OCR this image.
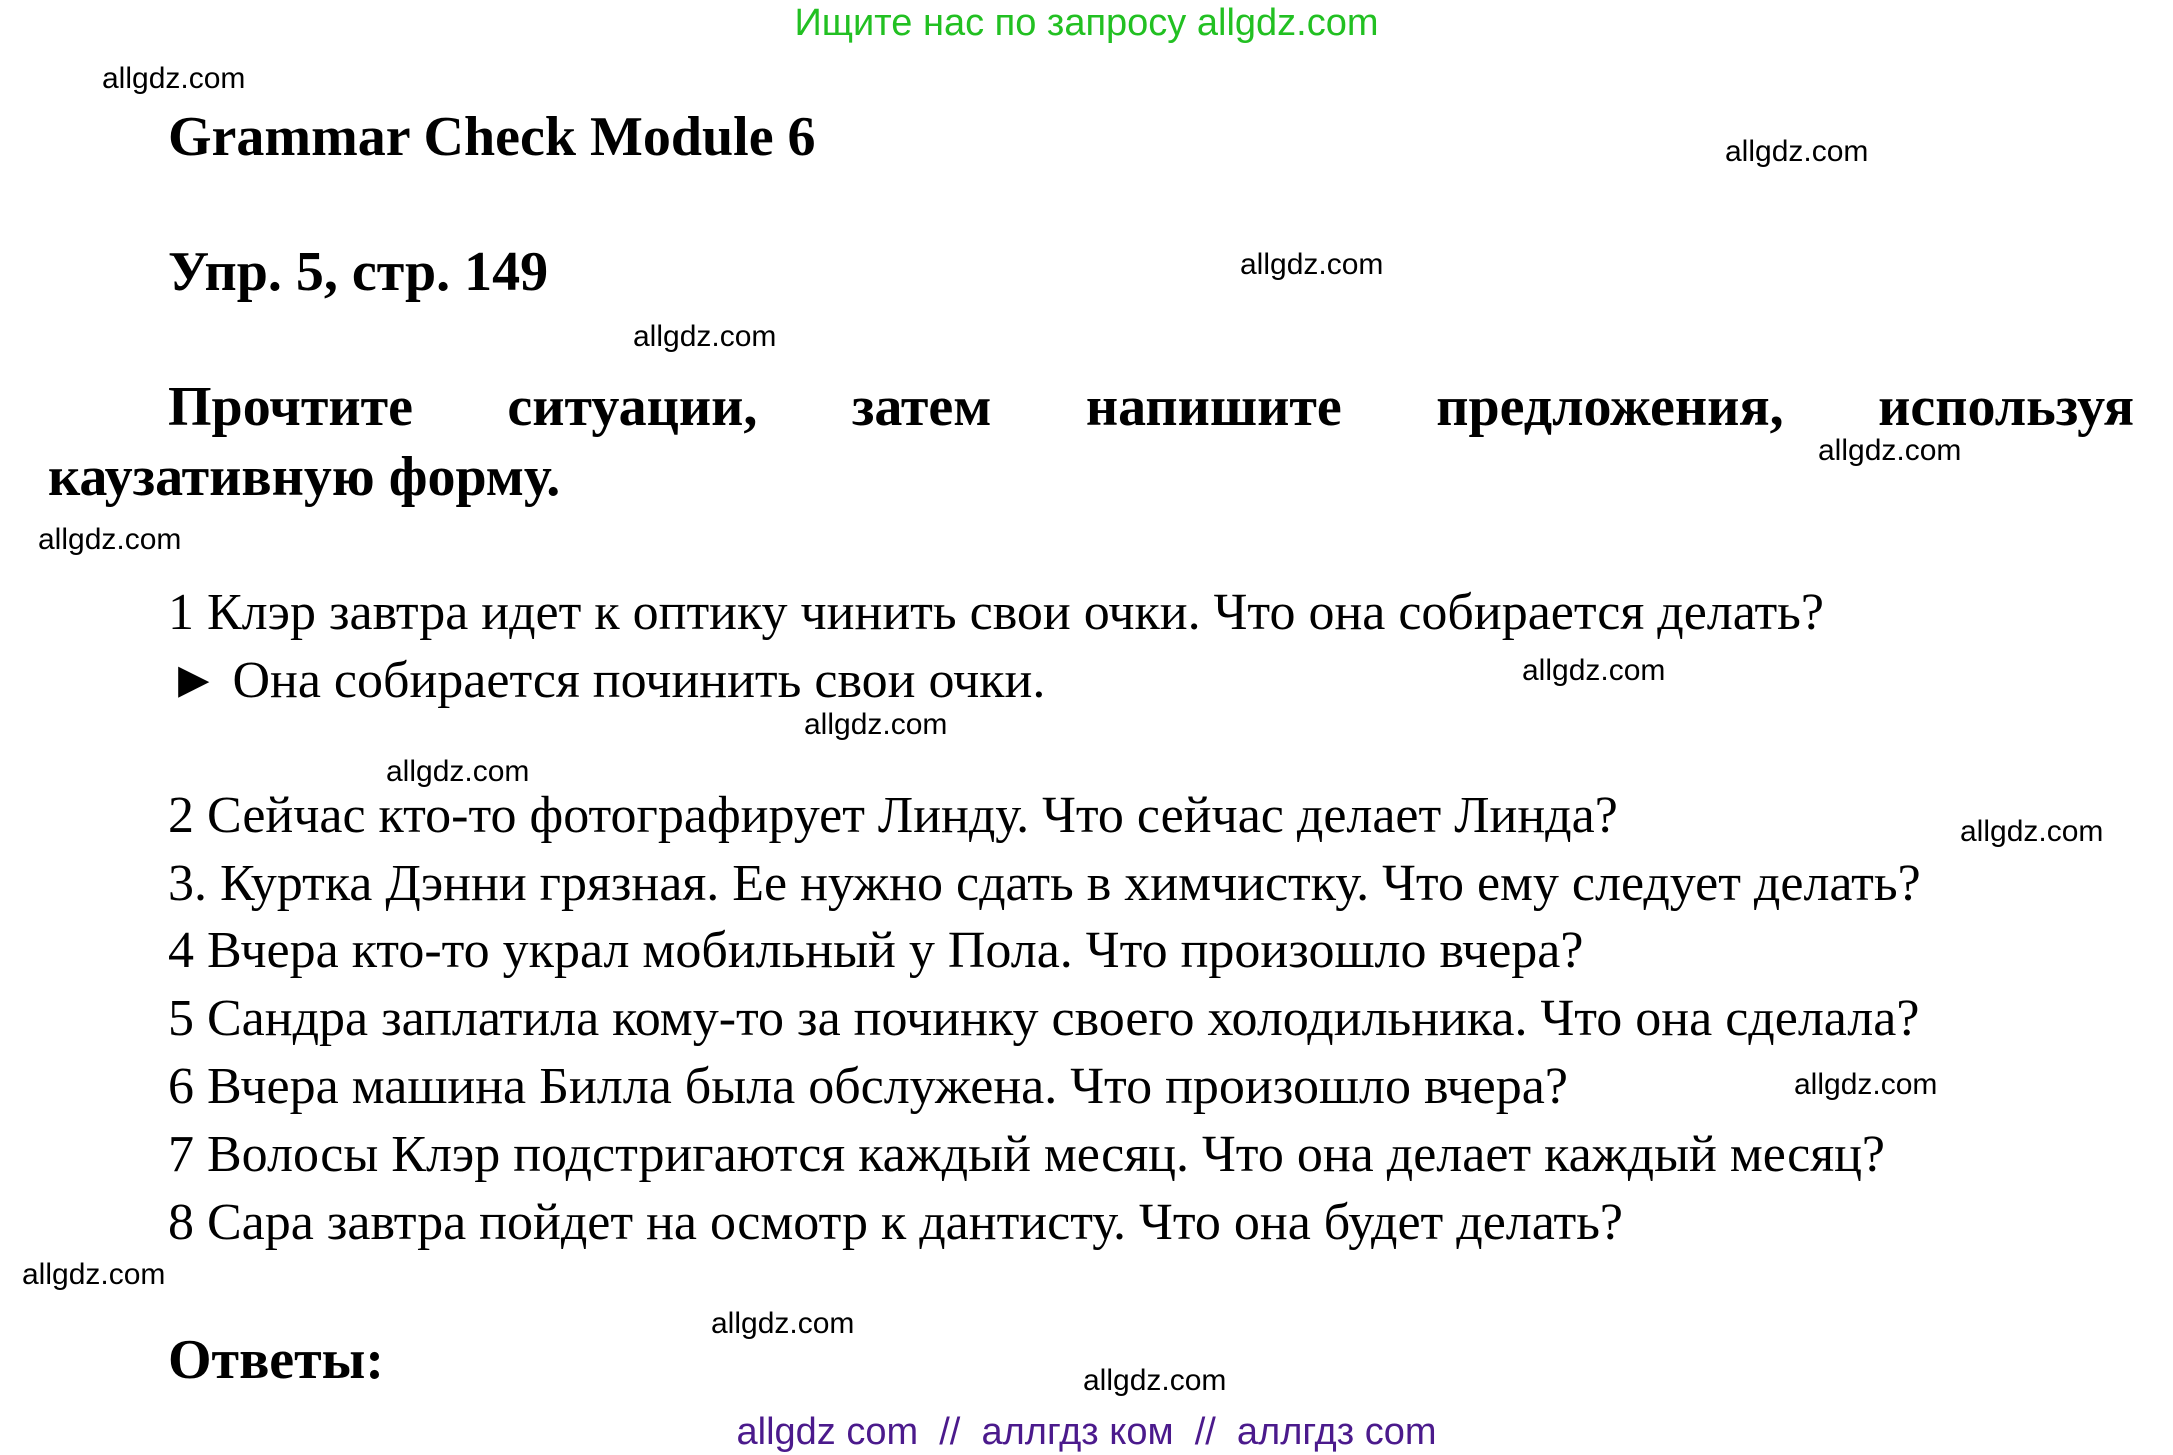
Ищите нас по запросу allgdz.com
Grammar Check Module 6
Упр. 5, стр. 149
Прочтите ситуации, затем напишите предложения, используя
каузативную форму.
1 Клэр завтра идет к оптику чинить свои очки. Что она собирается делать?
► Она собирается починить свои очки.
2 Сейчас кто-то фотографирует Линду. Что сейчас делает Линда?
3. Куртка Дэнни грязная. Ее нужно сдать в химчистку. Что ему следует делать?
4 Вчера кто-то украл мобильный у Пола. Что произошло вчера?
5 Сандра заплатила кому-то за починку своего холодильника. Что она сделала?
6 Вчера машина Билла была обслужена. Что произошло вчера?
7 Волосы Клэр подстригаются каждый месяц. Что она делает каждый месяц?
8 Сара завтра пойдет на осмотр к дантисту. Что она будет делать?
Ответы:
allgdz.com
allgdz.com
allgdz.com
allgdz.com
allgdz.com
allgdz.com
allgdz.com
allgdz.com
allgdz.com
allgdz.com
allgdz.com
allgdz.com
allgdz.com
allgdz.com
allgdz com  //  аллгдз ком  //  аллгдз com
